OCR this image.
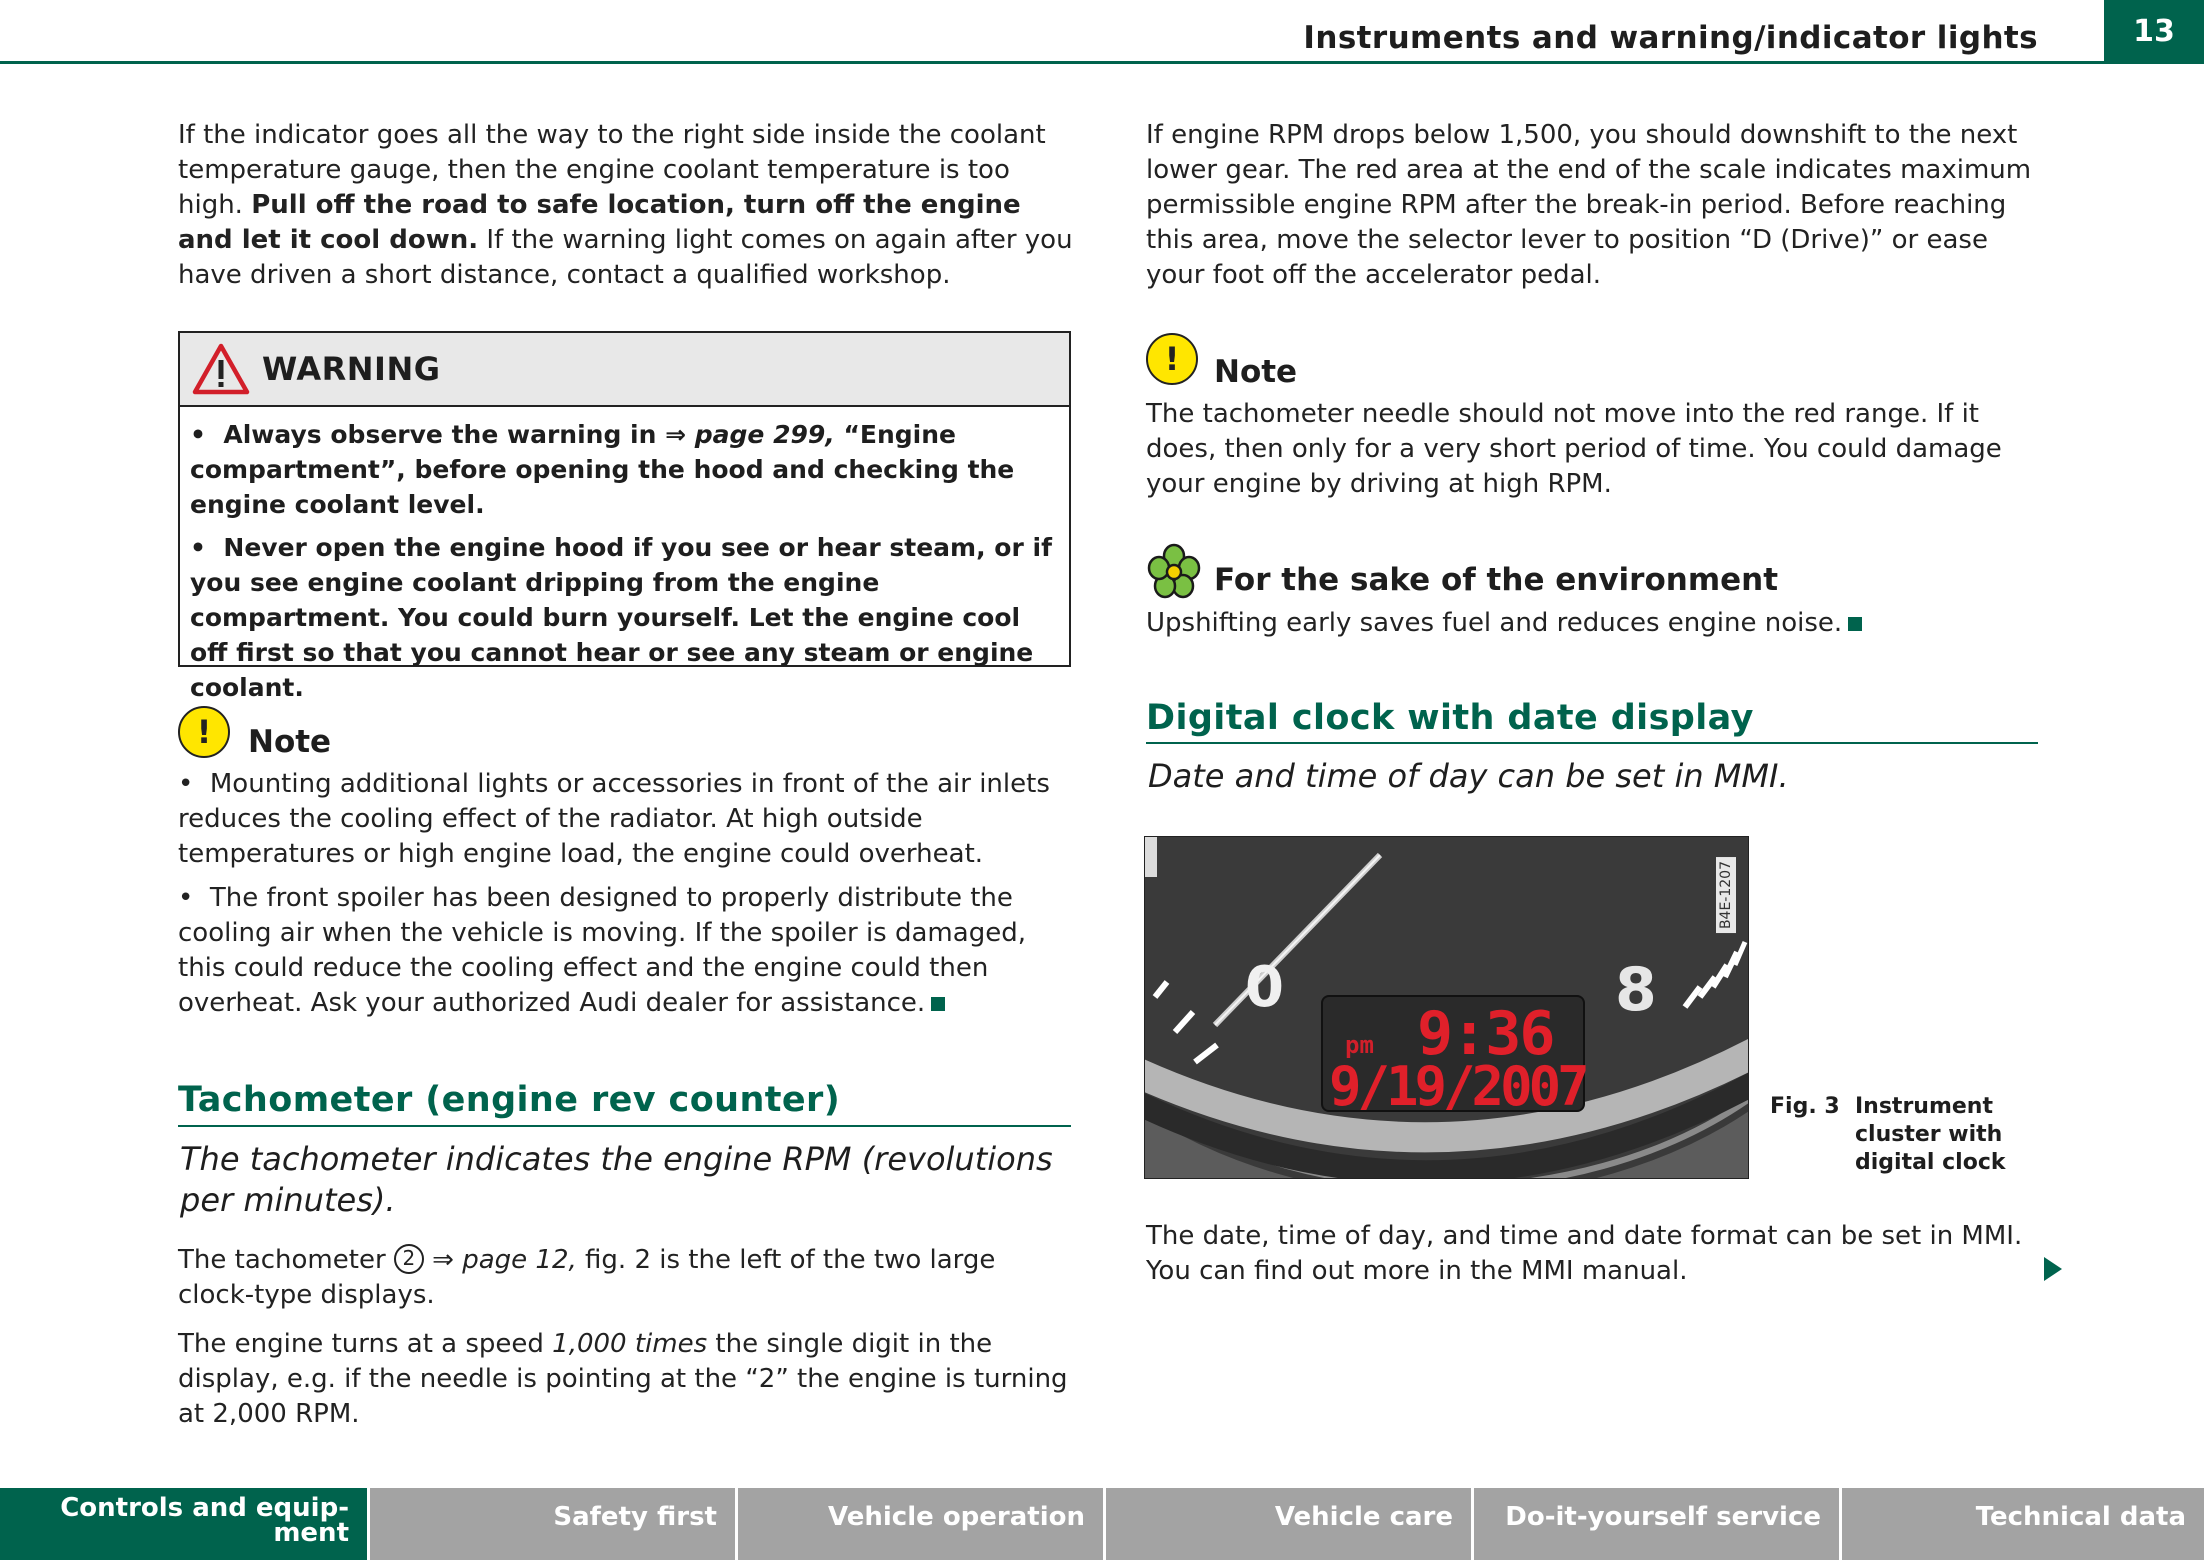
Instruments and warning/indicator lights	13

If the indicator goes all the way to the right side inside the coolant temperature gauge, then the engine coolant temperature is too high. Pull off the road to safe location, turn off the engine and let it cool down. If the warning light comes on again after you have driven a short distance, contact a qualified workshop.

WARNING
•  Always observe the warning in ⇒ page 299, “Engine compartment”, before opening the hood and checking the engine coolant level.
•  Never open the engine hood if you see or hear steam, or if you see engine coolant dripping from the engine compartment. You could burn yourself. Let the engine cool off first so that you cannot hear or see any steam or engine coolant.
!	Note

•  Mounting additional lights or accessories in front of the air inlets reduces the cooling effect of the radiator. At high outside temperatures or high engine load, the engine could overheat.

•  The front spoiler has been designed to properly distribute the cooling air when the vehicle is moving. If the spoiler is damaged, this could reduce the cooling effect and the engine could then overheat. Ask your authorized Audi dealer for assistance.

Tachometer (engine rev counter)
The tachometer indicates the engine RPM (revolutions per minutes).

The tachometer 2 ⇒ page 12, fig. 2 is the left of the two large clock-type displays.

The engine turns at a speed 1,000 times the single digit in the display, e.g. if the needle is pointing at the “2” the engine is turning at 2,000 RPM.

If engine RPM drops below 1,500, you should downshift to the next lower gear. The red area at the end of the scale indicates maximum permissible engine RPM after the break-in period. Before reaching this area, move the selector lever to position “D (Drive)” or ease your foot off the accelerator pedal.

!	Note

The tachometer needle should not move into the red range. If it does, then only for a very short period of time. You could damage your engine by driving at high RPM.

For the sake of the environment

Upshifting early saves fuel and reduces engine noise.

Digital clock with date display
Date and time of day can be set in MMI.
0	8
B4E-1207
pm 9:36
9/19/2007	Fig. 3 Instrument cluster with digital clock

The date, time of day, and time and date format can be set in MMI. You can find out more in the MMI manual.

Controls and equip-
ment
Safety first	Vehicle operation	Vehicle care	Do-it-yourself service	Technical data
